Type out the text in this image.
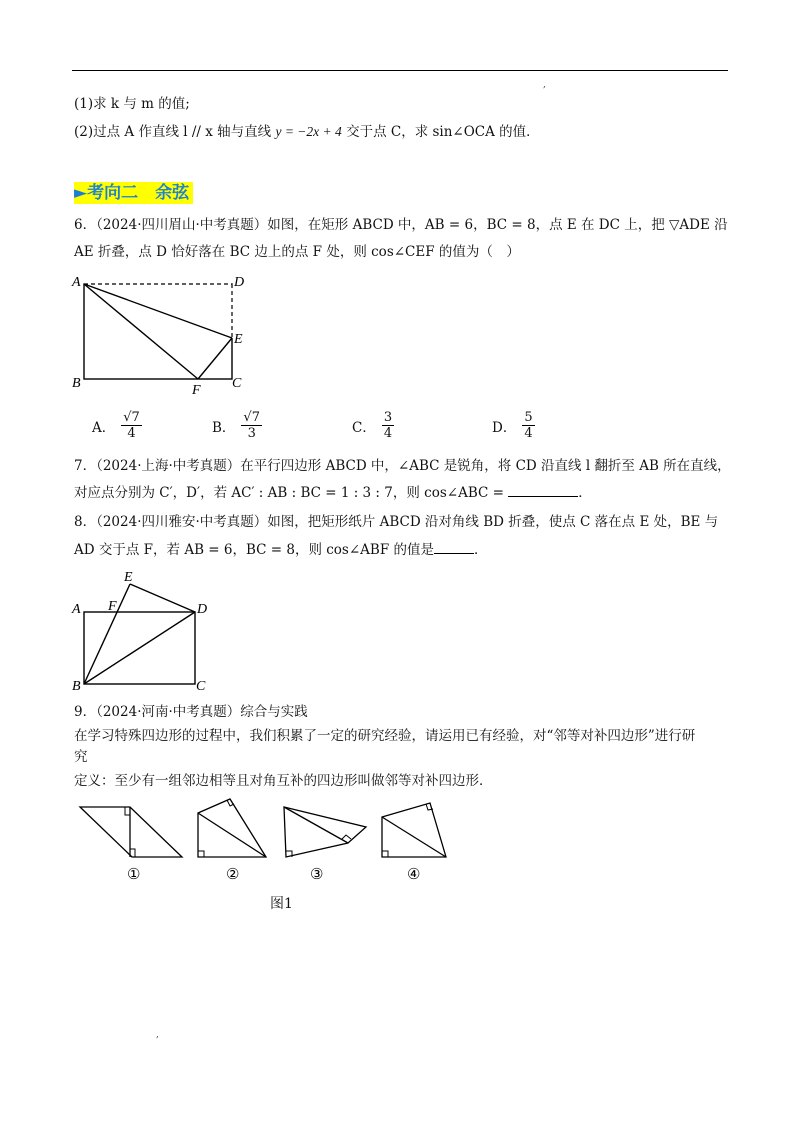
,
(1)求 k 与 m 的值;
(2)过点 A 作直线 l // x 轴与直线 y = −2x + 4 交于点 C，求 sin∠OCA 的值．
►考向二　余弦
6．（2024·四川眉山·中考真题）如图，在矩形 ABCD 中，AB = 6，BC = 8，点 E 在 DC 上，把 ▽ADE 沿
AE 折叠，点 D 恰好落在 BC 边上的点 F 处，则 cos∠CEF 的值为（　）
A	D
E
B	F C
A． $\frac{√7}{4}$	B． $\frac{√7}{3}$	C． $\frac{3}{4}$	D． $\frac{5}{4}$
7．（2024·上海·中考真题）在平行四边形 ABCD 中，∠ABC 是锐角，将 CD 沿直线 l 翻折至 AB 所在直线，
对应点分别为 C′，D′，若 AC′ : AB : BC = 1 : 3 : 7，则 cos∠ABC =	．
8．（2024·四川雅安·中考真题）如图，把矩形纸片 ABCD 沿对角线 BD 折叠，使点 C 落在点 E 处，BE 与
AD 交于点 F，若 AB = 6，BC = 8，则 cos∠ABF 的值是	．
E
A F	D
B	C
9．（2024·河南·中考真题）综合与实践
在学习特殊四边形的过程中，我们积累了一定的研究经验，请运用已有经验，对“邻等对补四边形”进行研
究
定义：至少有一组邻边相等且对角互补的四边形叫做邻等对补四边形．
①	②	③	④
图1
,
